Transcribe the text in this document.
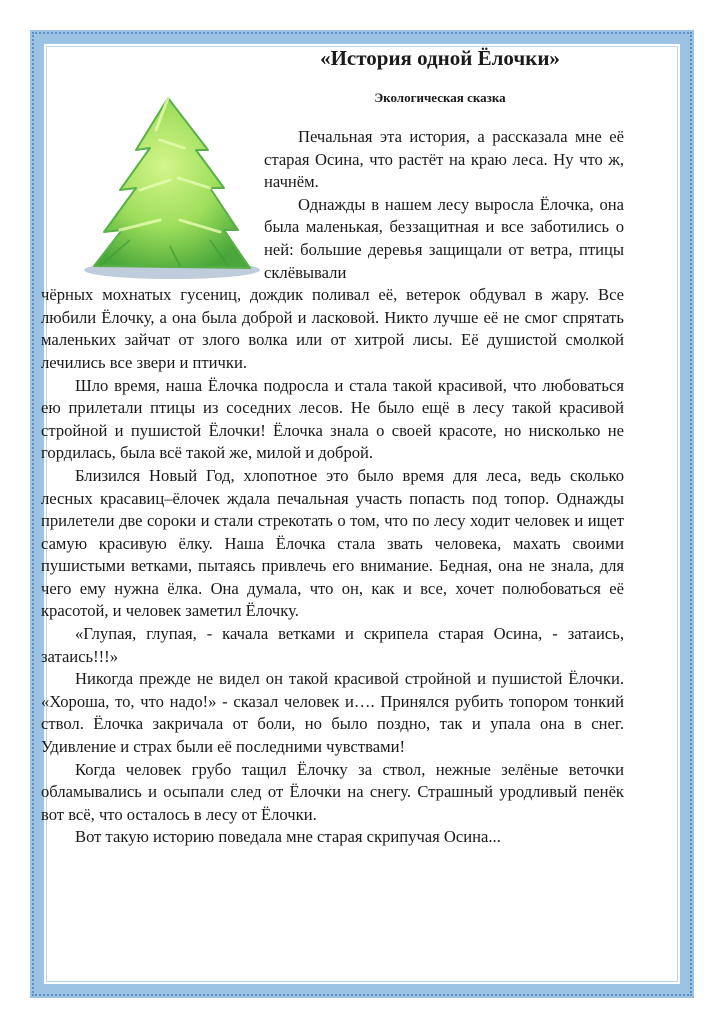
«История одной Ёлочки»
Экологическая сказка

Печальная эта история, а рассказала мне её старая Осина, что растёт на краю леса. Ну что ж, начнём.

Однажды в нашем лесу выросла Ёлочка, она была маленькая, беззащитная и все заботились о ней: большие деревья защищали от ветра, птицы склёвывали

чёрных мохнатых гусениц, дождик поливал её, ветерок обдувал в жару. Все любили Ёлочку, а она была доброй и ласковой. Никто лучше её не смог спрятать маленьких зайчат от злого волка или от хитрой лисы. Её душистой смолкой лечились все звери и птички.

Шло время, наша Ёлочка подросла и стала такой красивой, что любоваться ею прилетали птицы из соседних лесов. Не было ещё в лесу такой красивой стройной и пушистой Ёлочки! Ёлочка знала о своей красоте, но нисколько не гордилась, была всё такой же, милой и доброй.

Близился Новый Год, хлопотное это было время для леса, ведь сколько лесных красавиц–ёлочек ждала печальная участь попасть под топор. Однажды прилетели две сороки и стали стрекотать о том, что по лесу ходит человек и ищет самую красивую ёлку. Наша Ёлочка стала звать человека, махать своими пушистыми ветками, пытаясь привлечь его внимание. Бедная, она не знала, для чего ему нужна ёлка. Она думала, что он, как и все, хочет полюбоваться её красотой, и человек заметил Ёлочку.

«Глупая, глупая, - качала ветками и скрипела старая Осина, - затаись, затаись!!!»

Никогда прежде не видел он такой красивой стройной и пушистой Ёлочки. «Хороша, то, что надо!» - сказал человек и…. Принялся рубить топором тонкий ствол. Ёлочка закричала от боли, но было поздно, так и упала она в снег. Удивление и страх были её последними чувствами!

Когда человек грубо тащил Ёлочку за ствол, нежные зелёные веточки обламывались и осыпали след от Ёлочки на снегу. Страшный уродливый пенёк вот всё, что осталось в лесу от Ёлочки.

Вот такую историю поведала мне старая скрипучая Осина...
